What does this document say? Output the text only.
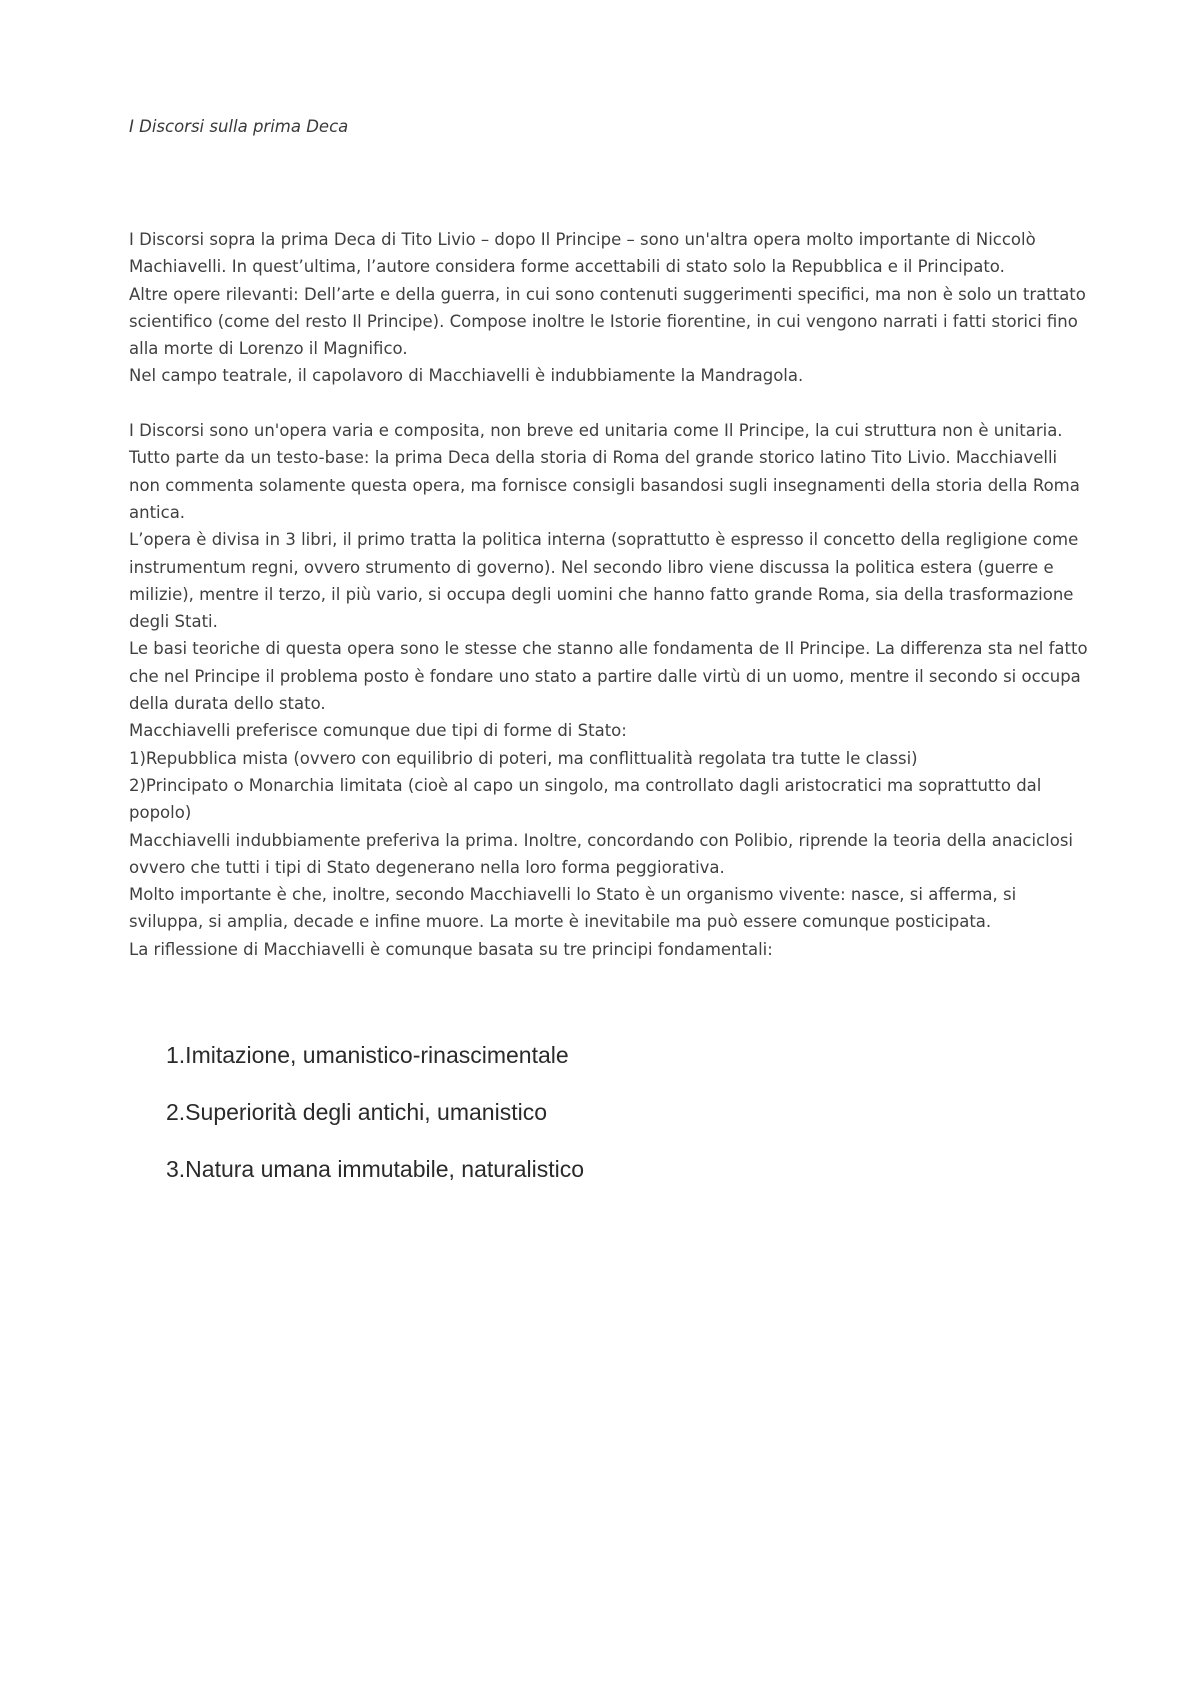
I Discorsi sulla prima Deca

I Discorsi sopra la prima Deca di Tito Livio – dopo Il Principe – sono un'altra opera molto importante di Niccolò Machiavelli. In quest’ultima, l’autore considera forme accettabili di stato solo la Repubblica e il Principato.

Altre opere rilevanti: Dell’arte e della guerra, in cui sono contenuti suggerimenti specifici, ma non è solo un trattato scientifico (come del resto Il Principe). Compose inoltre le Istorie fiorentine, in cui vengono narrati i fatti storici fino alla morte di Lorenzo il Magnifico.

Nel campo teatrale, il capolavoro di Macchiavelli è indubbiamente la Mandragola.

I Discorsi sono un'opera varia e composita, non breve ed unitaria come Il Principe, la cui struttura non è unitaria. Tutto parte da un testo-base: la prima Deca della storia di Roma del grande storico latino Tito Livio. Macchiavelli non commenta solamente questa opera, ma fornisce consigli basandosi sugli insegnamenti della storia della Roma antica.

L’opera è divisa in 3 libri, il primo tratta la politica interna (soprattutto è espresso il concetto della regligione come instrumentum regni, ovvero strumento di governo). Nel secondo libro viene discussa la politica estera (guerre e milizie), mentre il terzo, il più vario, si occupa degli uomini che hanno fatto grande Roma, sia della trasformazione degli Stati.

Le basi teoriche di questa opera sono le stesse che stanno alle fondamenta de Il Principe. La differenza sta nel fatto che nel Principe il problema posto è fondare uno stato a partire dalle virtù di un uomo, mentre il secondo si occupa della durata dello stato.

Macchiavelli preferisce comunque due tipi di forme di Stato:

1)Repubblica mista (ovvero con equilibrio di poteri, ma conflittualità regolata tra tutte le classi)

2)Principato o Monarchia limitata (cioè al capo un singolo, ma controllato dagli aristocratici ma soprattutto dal popolo)

Macchiavelli indubbiamente preferiva la prima. Inoltre, concordando con Polibio, riprende la teoria della anaciclosi ovvero che tutti i tipi di Stato degenerano nella loro forma peggiorativa.

Molto importante è che, inoltre, secondo Macchiavelli lo Stato è un organismo vivente: nasce, si afferma, si sviluppa, si amplia, decade e infine muore. La morte è inevitabile ma può essere comunque posticipata.

La riflessione di Macchiavelli è comunque basata su tre principi fondamentali:

1.Imitazione, umanistico-rinascimentale
2.Superiorità degli antichi, umanistico
3.Natura umana immutabile, naturalistico
